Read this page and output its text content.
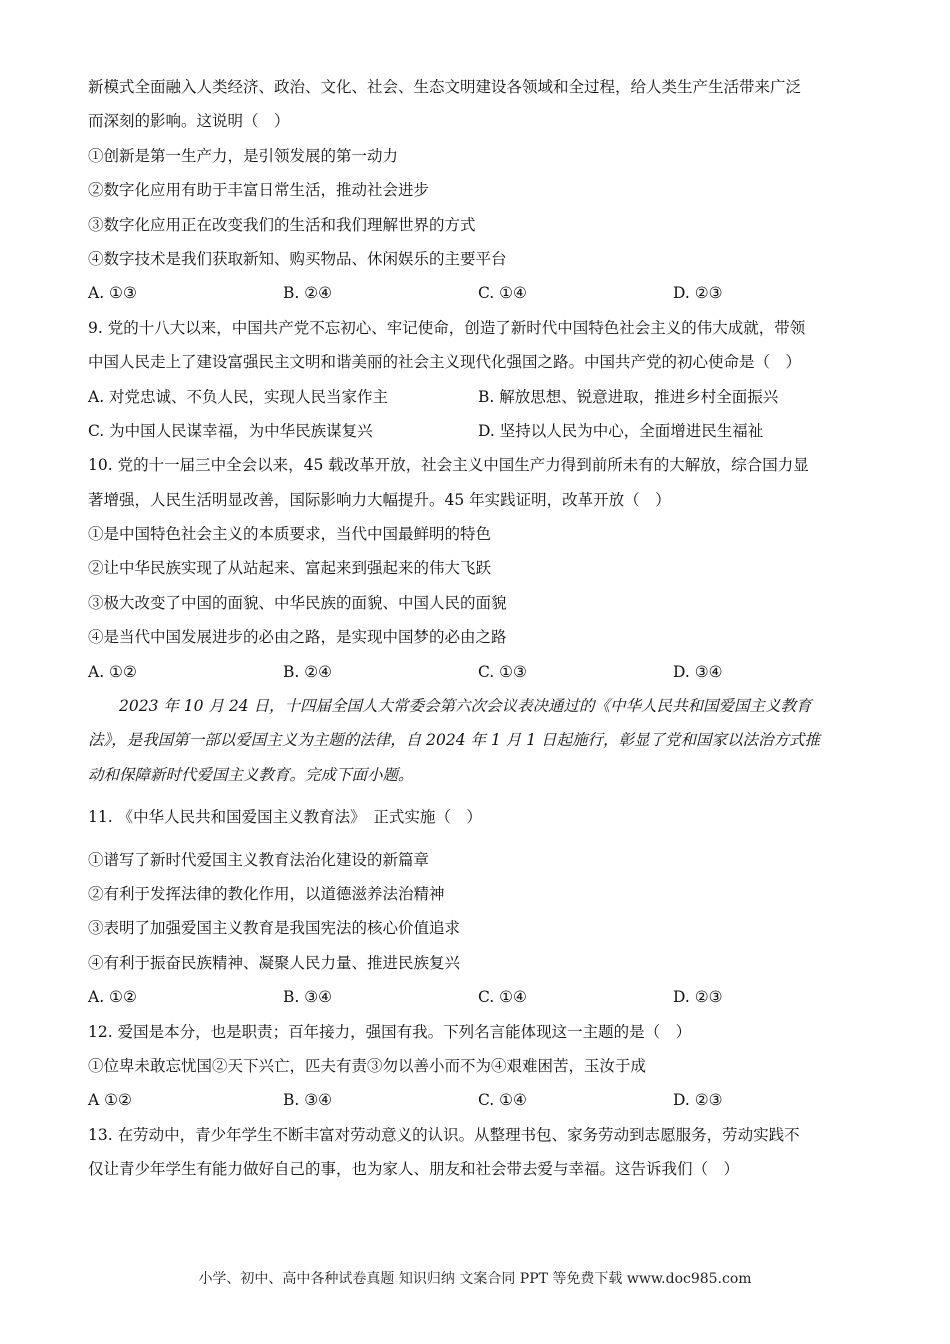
新模式全面融入人类经济、政治、文化、社会、生态文明建设各领域和全过程，给人类生产生活带来广泛
而深刻的影响。这说明（　）
①创新是第一生产力，是引领发展的第一动力
②数字化应用有助于丰富日常生活，推动社会进步
③数字化应用正在改变我们的生活和我们理解世界的方式
④数字技术是我们获取新知、购买物品、休闲娱乐的主要平台
A. ①③	B. ②④	C. ①④	D. ②③
9. 党的十八大以来，中国共产党不忘初心、牢记使命，创造了新时代中国特色社会主义的伟大成就，带领
中国人民走上了建设富强民主文明和谐美丽的社会主义现代化强国之路。中国共产党的初心使命是（　）
A. 对党忠诚、不负人民，实现人民当家作主	B. 解放思想、锐意进取，推进乡村全面振兴
C. 为中国人民谋幸福，为中华民族谋复兴	D. 坚持以人民为中心，全面增进民生福祉
10. 党的十一届三中全会以来，45 载改革开放，社会主义中国生产力得到前所未有的大解放，综合国力显
著增强，人民生活明显改善，国际影响力大幅提升。45 年实践证明，改革开放（　）
①是中国特色社会主义的本质要求，当代中国最鲜明的特色
②让中华民族实现了从站起来、富起来到强起来的伟大飞跃
③极大改变了中国的面貌、中华民族的面貌、中国人民的面貌
④是当代中国发展进步的必由之路，是实现中国梦的必由之路
A. ①②	B. ②④	C. ①③	D. ③④
2023 年 10 月 24 日，十四届全国人大常委会第六次会议表决通过的《中华人民共和国爱国主义教育
法》，是我国第一部以爱国主义为主题的法律，自 2024 年 1 月 1 日起施行，彰显了党和国家以法治方式推
动和保障新时代爱国主义教育。完成下面小题。
11. 《中华人民共和国爱国主义教育法》　正式实施（　）
①谱写了新时代爱国主义教育法治化建设的新篇章
②有利于发挥法律的教化作用，以道德滋养法治精神
③表明了加强爱国主义教育是我国宪法的核心价值追求
④有利于振奋民族精神、凝聚人民力量、推进民族复兴
A. ①②	B. ③④	C. ①④	D. ②③
12. 爱国是本分，也是职责；百年接力，强国有我。下列名言能体现这一主题的是（　）
①位卑未敢忘忧国②天下兴亡，匹夫有责③勿以善小而不为④艰难困苦，玉汝于成
A ①②	B. ③④	C. ①④	D. ②③
13. 在劳动中，青少年学生不断丰富对劳动意义的认识。从整理书包、家务劳动到志愿服务，劳动实践不
仅让青少年学生有能力做好自己的事，也为家人、朋友和社会带去爱与幸福。这告诉我们（　）
小学、初中、高中各种试卷真题 知识归纳 文案合同 PPT 等免费下载 www.doc985.com
